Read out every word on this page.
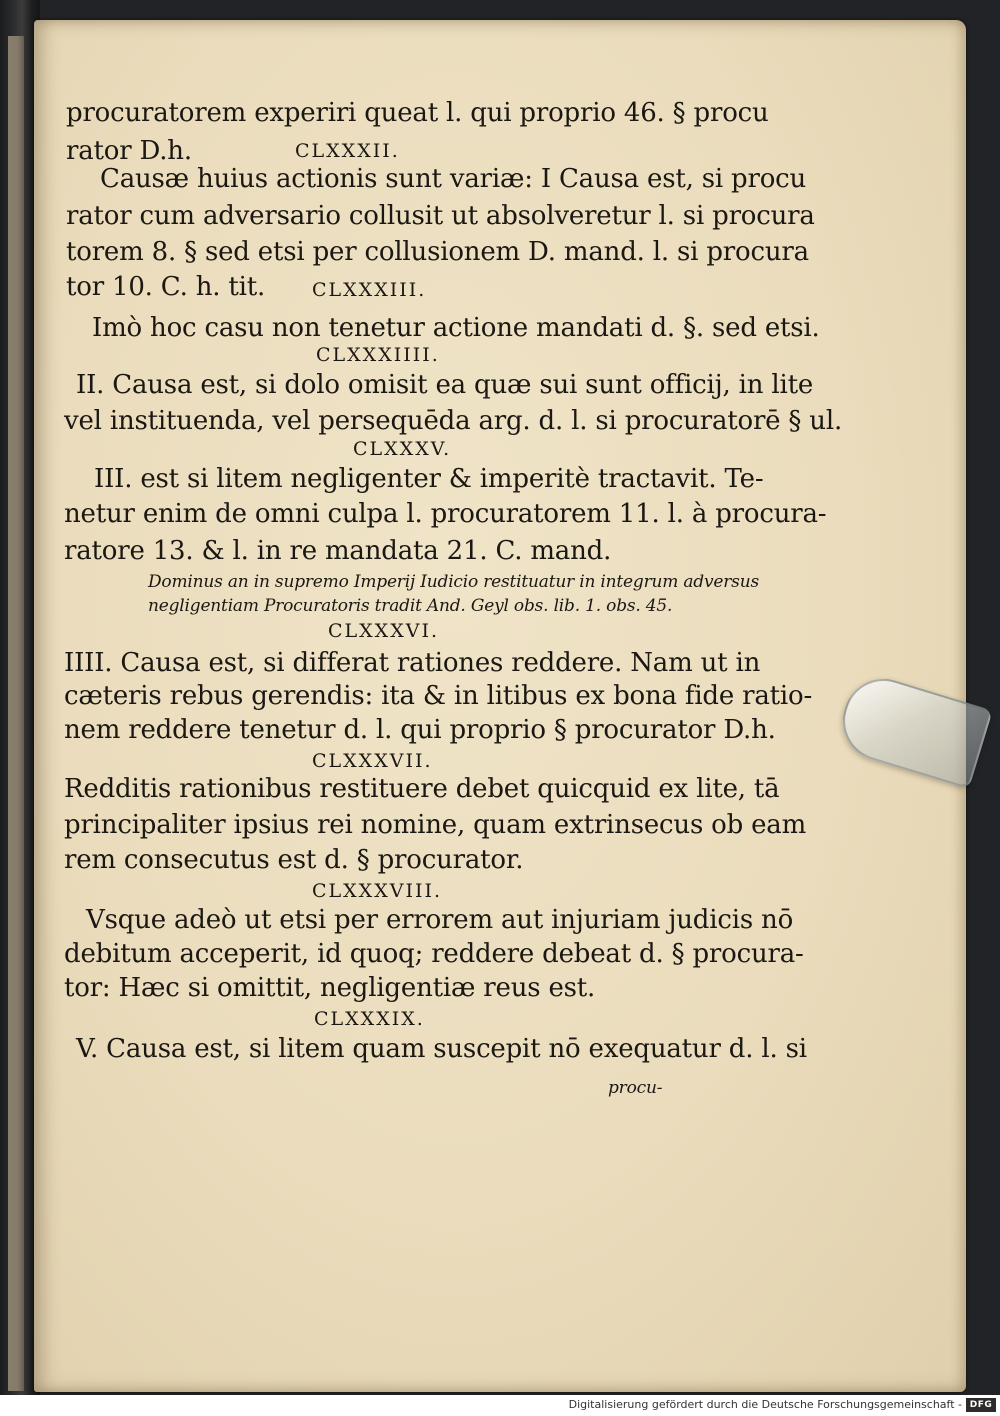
procuratorem experiri queat l. qui proprio 46. § procu
rator D.h.	CLXXXII.
Causæ huius actionis sunt variæ: I Causa est, si procu
rator cum adversario collusit ut absolveretur l. si procura
torem 8. § sed etsi per collusionem D. mand. l. si procura
tor 10. C. h. tit. CLXXXIII.
Imò hoc casu non tenetur actione mandati d. §. sed etsi.
CLXXXIIII.
II. Causa est, si dolo omisit ea quæ sui sunt officij, in lite
vel instituenda, vel persequēda arg. d. l. si procuratorē § ul.
CLXXXV.
III. est si litem negligenter & imperitè tractavit. Te-
netur enim de omni culpa l. procuratorem 11. l. à procura-
ratore 13. & l. in re mandata 21. C. mand.
Dominus an in supremo Imperij Iudicio restituatur in integrum adversus
negligentiam Procuratoris tradit And. Geyl obs. lib. 1. obs. 45.
CLXXXVI.
IIII. Causa est, si differat rationes reddere. Nam ut in
cæteris rebus gerendis: ita & in litibus ex bona fide ratio-
nem reddere tenetur d. l. qui proprio § procurator D.h.
CLXXXVII.
Redditis rationibus restituere debet quicquid ex lite, tā
principaliter ipsius rei nomine, quam extrinsecus ob eam
rem consecutus est d. § procurator.
CLXXXVIII.
Vsque adeò ut etsi per errorem aut injuriam judicis nō
debitum acceperit, id quoq; reddere debeat d. § procura-
tor: Hæc si omittit, negligentiæ reus est.
CLXXXIX.
V. Causa est, si litem quam suscepit nō exequatur d. l. si
procu-
Digitalisierung gefördert durch die Deutsche Forschungsgemeinschaft - DFG
